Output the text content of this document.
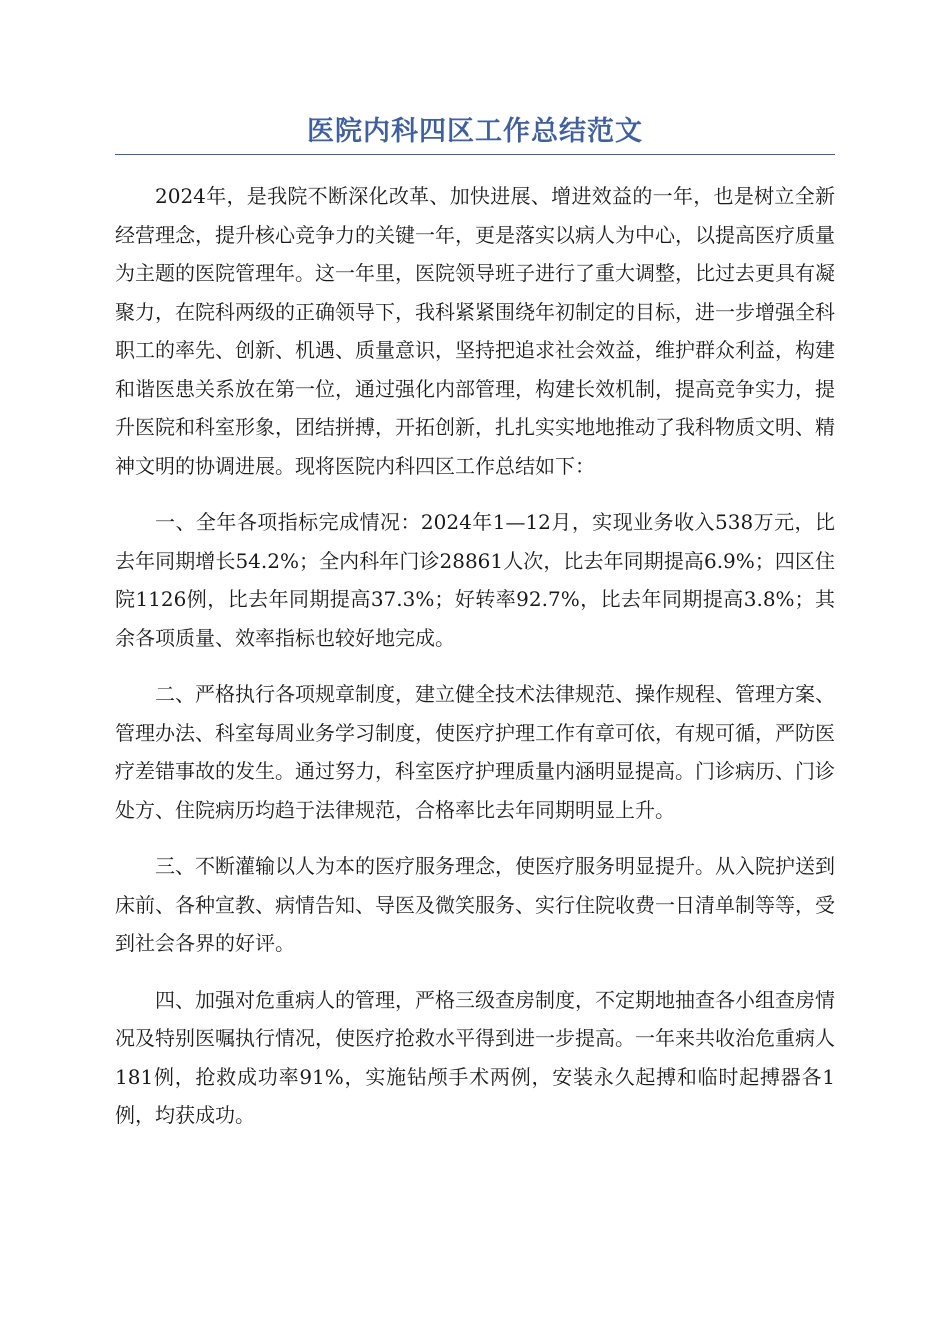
医院内科四区工作总结范文

2024年，是我院不断深化改革、加快进展、增进效益的一年，也是树立全新经营理念，提升核心竞争力的关键一年，更是落实以病人为中心，以提高医疗质量为主题的医院管理年。这一年里，医院领导班子进行了重大调整，比过去更具有凝聚力，在院科两级的正确领导下，我科紧紧围绕年初制定的目标，进一步增强全科职工的率先、创新、机遇、质量意识，坚持把追求社会效益，维护群众利益，构建和谐医患关系放在第一位，通过强化内部管理，构建长效机制，提高竞争实力，提升医院和科室形象，团结拼搏，开拓创新，扎扎实实地地推动了我科物质文明、精神文明的协调进展。现将医院内科四区工作总结如下：

一、全年各项指标完成情况：2024年1—12月，实现业务收入538万元，比去年同期增长54.2%；全内科年门诊28861人次，比去年同期提高6.9%；四区住院1126例，比去年同期提高37.3%；好转率92.7%，比去年同期提高3.8%；其余各项质量、效率指标也较好地完成。

二、严格执行各项规章制度，建立健全技术法律规范、操作规程、管理方案、管理办法、科室每周业务学习制度，使医疗护理工作有章可依，有规可循，严防医疗差错事故的发生。通过努力，科室医疗护理质量内涵明显提高。门诊病历、门诊处方、住院病历均趋于法律规范，合格率比去年同期明显上升。

三、不断灌输以人为本的医疗服务理念，使医疗服务明显提升。从入院护送到床前、各种宣教、病情告知、导医及微笑服务、实行住院收费一日清单制等等，受到社会各界的好评。

四、加强对危重病人的管理，严格三级查房制度，不定期地抽查各小组查房情况及特别医嘱执行情况，使医疗抢救水平得到进一步提高。一年来共收治危重病人181例，抢救成功率91%，实施钻颅手术两例，安装永久起搏和临时起搏器各1例，均获成功。
